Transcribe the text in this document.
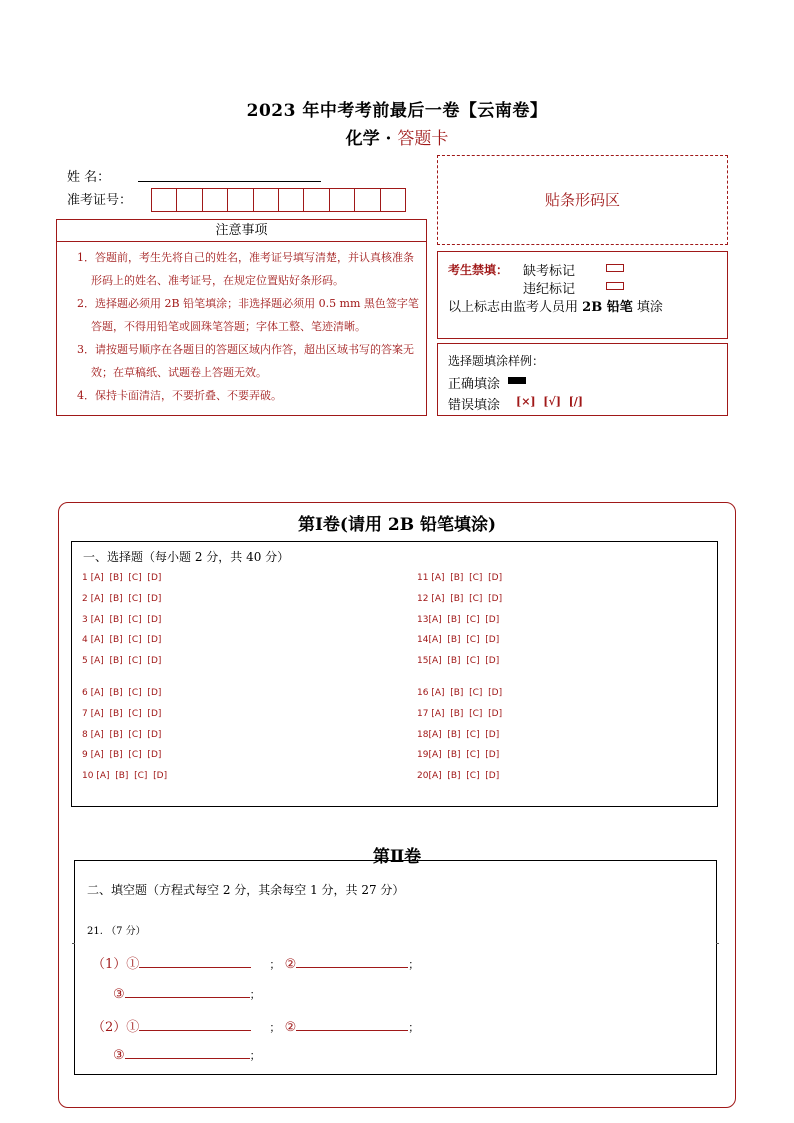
2023 年中考考前最后一卷【云南卷】
化学 · 答题卡
姓 名：
准考证号：	贴条形码区
注意事项

1．答题前，考生先将自己的姓名，准考证号填写清楚，并认真核准条形码上的姓名、准考证号，在规定位置贴好条形码。

2．选择题必须用 2B 铅笔填涂；非选择题必须用 0.5 mm 黑色签字笔答题，不得用铅笔或圆珠笔答题；字体工整、笔迹清晰。

3．请按题号顺序在各题目的答题区域内作答，超出区域书写的答案无效；在草稿纸、试题卷上答题无效。

4．保持卡面清洁，不要折叠、不要弄破。

考生禁填： 缺考标记
违纪标记
以上标志由监考人员用 2B 铅笔 填涂
选择题填涂样例：
正确填涂
错误填涂 [×]  [√]  [/]
第Ⅰ卷(请用 2B 铅笔填涂)
一、选择题（每小题 2 分，共 40 分）
1 [A]  [B]  [C]  [D]
2 [A]  [B]  [C]  [D]
3 [A]  [B]  [C]  [D]
4 [A]  [B]  [C]  [D]
5 [A]  [B]  [C]  [D]
6 [A]  [B]  [C]  [D]
7 [A]  [B]  [C]  [D]
8 [A]  [B]  [C]  [D]
9 [A]  [B]  [C]  [D]
10 [A]  [B]  [C]  [D]
11 [A]  [B]  [C]  [D]
12 [A]  [B]  [C]  [D]
13[A]  [B]  [C]  [D]
14[A]  [B]  [C]  [D]
15[A]  [B]  [C]  [D]
16 [A]  [B]  [C]  [D]
17 [A]  [B]  [C]  [D]
18[A]  [B]  [C]  [D]
19[A]  [B]  [C]  [D]
20[A]  [B]  [C]  [D]
第Ⅱ卷
二、填空题（方程式每空 2 分，其余每空 1 分，共 27 分）
21. （7 分）
（1）①	； ②	；
③	；
（2）①	； ②	；
③	；
